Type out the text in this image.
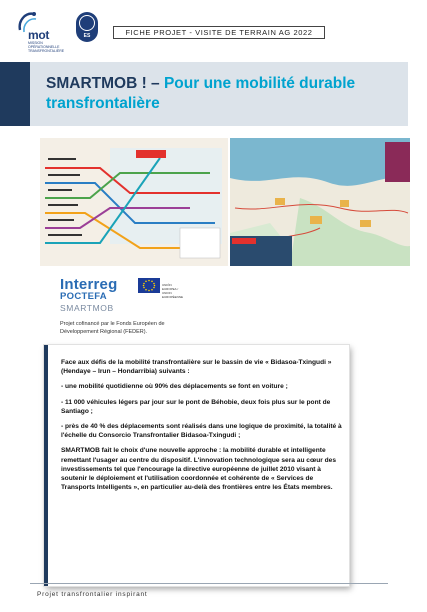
mot
MISSION OPÉRATIONNELLE TRANSFRONTALIÈRE
ES	FICHE PROJET - VISITE DE TERRAIN AG 2022
SMARTMOB ! – Pour une mobilité durable transfrontalière
Interreg
POCTEFA
SMARTMOB
UNIÓN EUROPEA / UNION EUROPÉENNE
Projet cofinancé par le Fonds Européen de Développement Régional (FEDER).

Face aux défis de la mobilité transfrontalière sur le bassin de vie « Bidasoa-Txingudi » (Hendaye – Irun – Hondarribia) suivants :

- une mobilité quotidienne où 90% des déplacements se font en voiture ;

- 11 000 véhicules légers par jour sur le pont de Béhobie, deux fois plus sur le pont de Santiago ;

- près de 40 % des déplacements sont réalisés dans une logique de proximité, la totalité à l'échelle du Consorcio Transfrontalier Bidasoa-Txingudi ;

SMARTMOB fait le choix d'une nouvelle approche : la mobilité durable et intelligente remettant l'usager au centre du dispositif. L'innovation technologique sera au cœur des investissements tel que l'encourage la directive européenne de juillet 2010 visant à soutenir le déploiement et l'utilisation coordonnée et cohérente de « Services de Transports Intelligents », en particulier au-delà des frontières entre les États membres.

Projet transfrontalier inspirant
